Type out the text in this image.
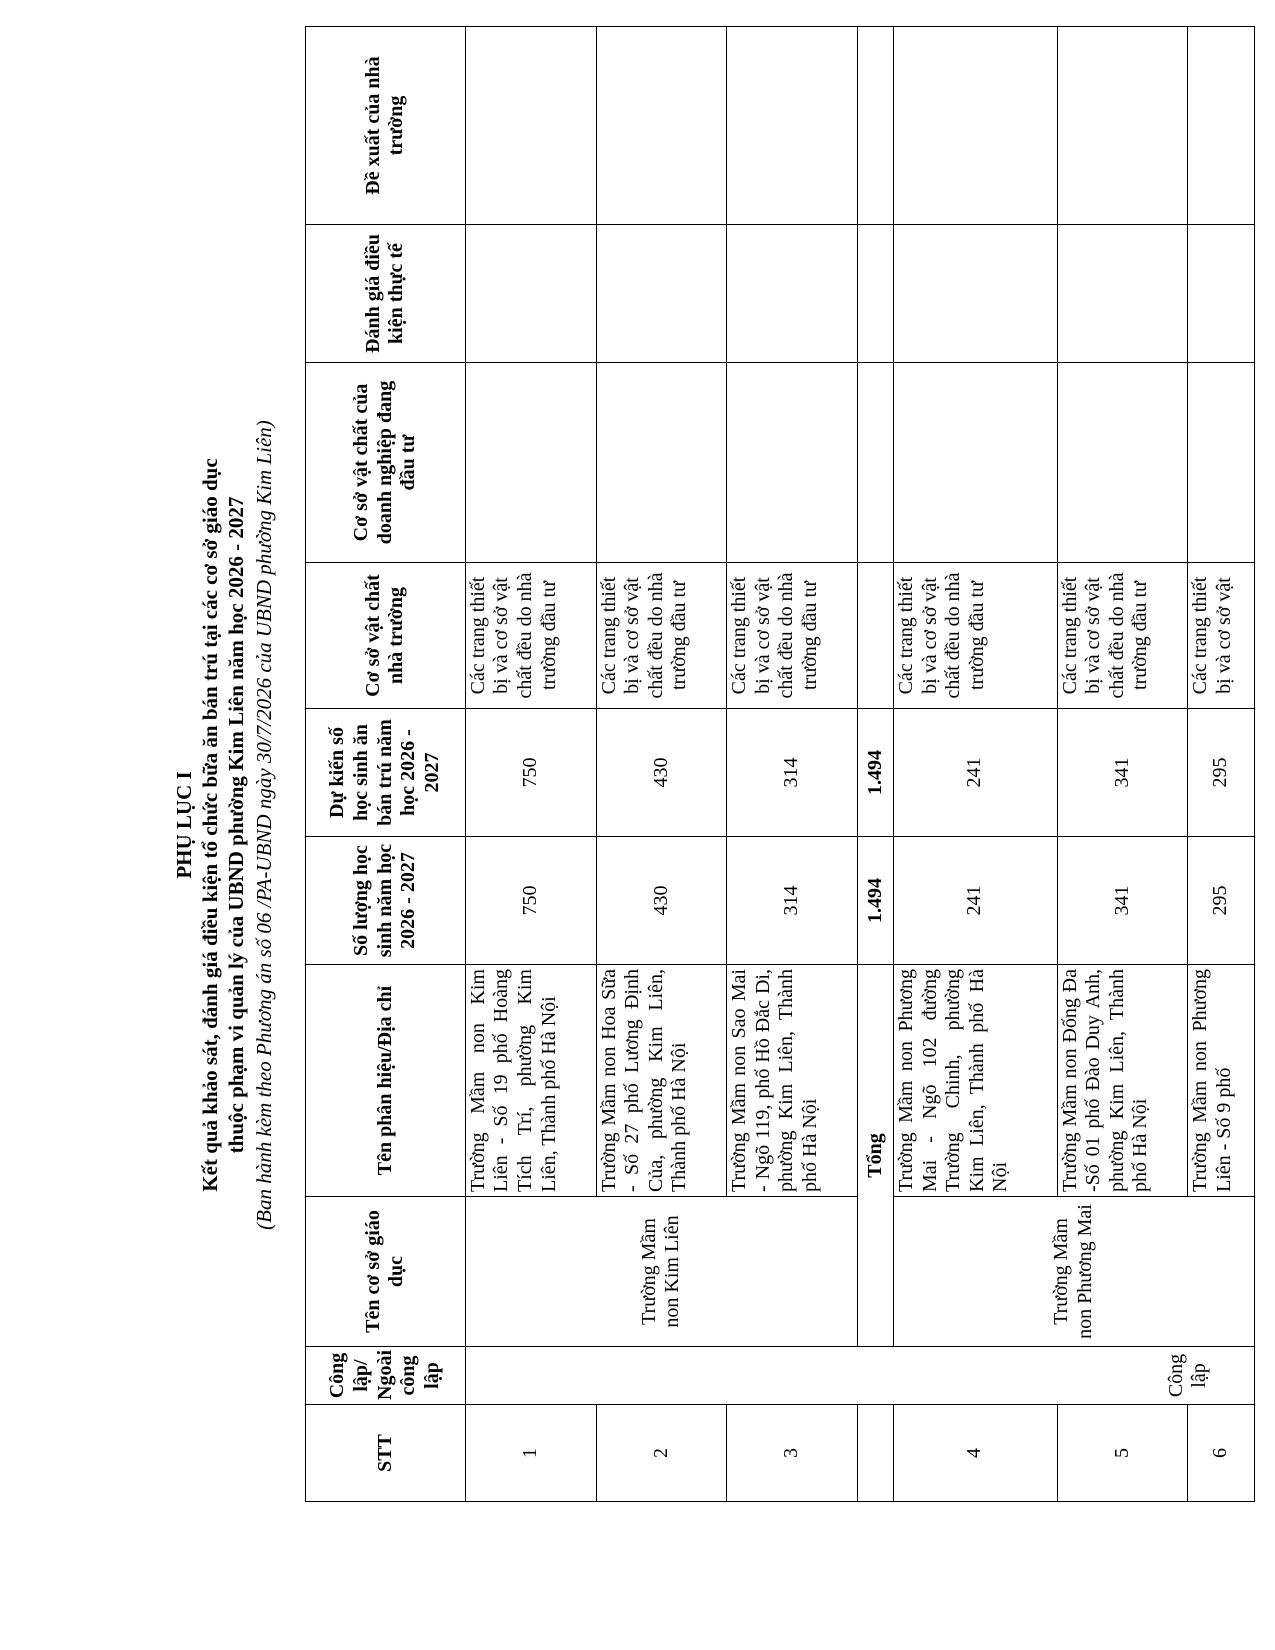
PHỤ LỤC I Kết quả khảo sát, đánh giá điều kiện tổ chức bữa ăn bán trú tại các cơ sở giáo dục thuộc phạm vi quản lý của UBND phường Kim Liên năm học 2026 - 2027 (Ban hành kèm theo Phương án số 06 /PA-UBND ngày 30/7/2026 của UBND phường Kim Liên)
STT	Công lập/ Ngoài công lập	Tên cơ sở giáo dục	Tên phân hiệu/Địa chỉ	Số lượng học sinh năm học 2026 - 2027	Dự kiến số học sinh ăn bán trú năm học 2026 - 2027	Cơ sở vật chất nhà trường	Cơ sở vật chất của doanh nghiệp đang đầu tư	Đánh giá điều kiện thực tế	Đề xuất của nhà trường
1	Công lập	Trường Mầm non Kim Liên	Trường Mầm non Kim Liên - Số 19 phố Hoàng Tích Trí, phường Kim Liên, Thành phố Hà Nội	750	750	Các trang thiết bị và cơ sở vật chất đều do nhà trường đầu tư			
2			Trường Mầm non Hoa Sữa - Số 27 phố Lương Định Của, phường Kim Liên, Thành phố Hà Nội	430	430	Các trang thiết bị và cơ sở vật chất đều do nhà trường đầu tư			
3			Trường Mầm non Sao Mai - Ngõ 119, phố Hồ Đắc Di, phường Kim Liên, Thành phố Hà Nội	314	314	Các trang thiết bị và cơ sở vật chất đều do nhà trường đầu tư			
		Tổng		1.494	1.494				
4		Trường Mầm non Phương Mai	Trường Mầm non Phương Mai - Ngõ 102 đường Trường Chinh, phường Kim Liên, Thành phố Hà Nội	241	241	Các trang thiết bị và cơ sở vật chất đều do nhà trường đầu tư			
5			Trường Mầm non Đống Đa -Số 01 phố Đào Duy Anh, phường Kim Liên, Thành phố Hà Nội	341	341	Các trang thiết bị và cơ sở vật chất đều do nhà trường đầu tư			
6			Trường Mầm non Phương Liên - Số 9 phố	295	295	Các trang thiết bị và cơ sở vật			
